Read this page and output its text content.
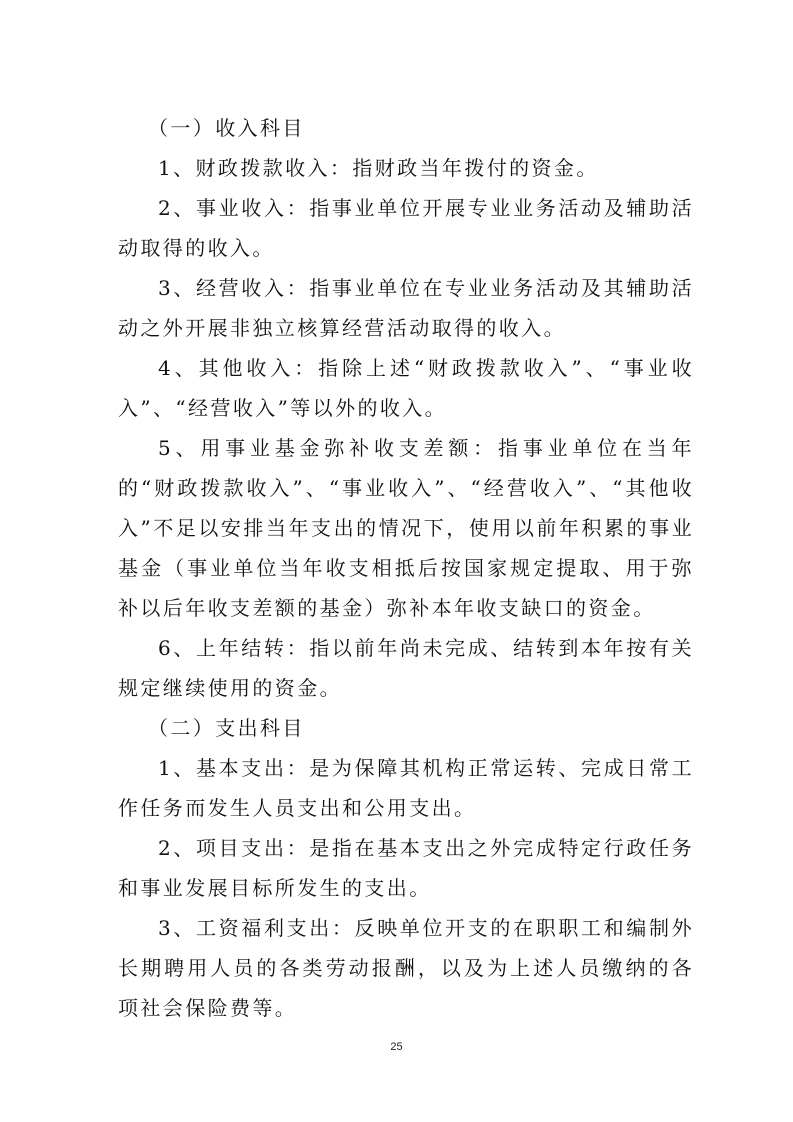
（一）收入科目

1、财政拨款收入：指财政当年拨付的资金。

2、事业收入：指事业单位开展专业业务活动及辅助活动取得的收入。

3、经营收入：指事业单位在专业业务活动及其辅助活动之外开展非独立核算经营活动取得的收入。

4、其他收入：指除上述“财政拨款收入”、“事业收入”、“经营收入”等以外的收入。

5、用事业基金弥补收支差额：指事业单位在当年的“财政拨款收入”、“事业收入”、“经营收入”、“其他收入”不足以安排当年支出的情况下，使用以前年积累的事业基金（事业单位当年收支相抵后按国家规定提取、用于弥补以后年收支差额的基金）弥补本年收支缺口的资金。

6、上年结转：指以前年尚未完成、结转到本年按有关规定继续使用的资金。

（二）支出科目

1、基本支出：是为保障其机构正常运转、完成日常工作任务而发生人员支出和公用支出。

2、项目支出：是指在基本支出之外完成特定行政任务和事业发展目标所发生的支出。

3、工资福利支出：反映单位开支的在职职工和编制外长期聘用人员的各类劳动报酬，以及为上述人员缴纳的各项社会保险费等。

25
